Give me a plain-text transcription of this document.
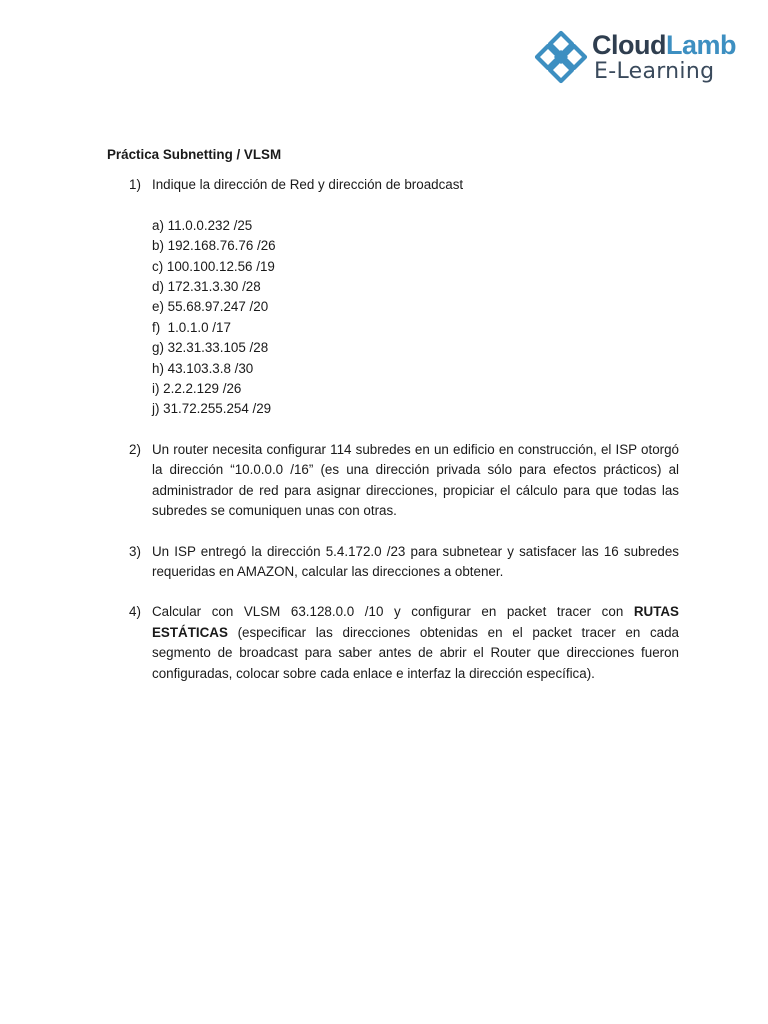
CloudLamb
E-Learning
Práctica Subnetting / VLSM
1) Indique la dirección de Red y dirección de broadcast
a) 11.0.0.232 /25
b) 192.168.76.76 /26
c) 100.100.12.56 /19
d) 172.31.3.30 /28
e) 55.68.97.247 /20
f)  1.0.1.0 /17
g) 32.31.33.105 /28
h) 43.103.3.8 /30
i) 2.2.2.129 /26
j) 31.72.255.254 /29
2) Un router necesita configurar 114 subredes en un edificio en construcción, el ISP otorgó la dirección “10.0.0.0 /16” (es una dirección privada sólo para efectos prácticos) al administrador de red para asignar direcciones, propiciar el cálculo para que todas las subredes se comuniquen unas con otras.
3) Un ISP entregó la dirección 5.4.172.0 /23 para subnetear y satisfacer las 16 subredes requeridas en AMAZON, calcular las direcciones a obtener.
4) Calcular con VLSM 63.128.0.0 /10 y configurar en packet tracer con RUTAS ESTÁTICAS (especificar las direcciones obtenidas en el packet tracer en cada segmento de broadcast para saber antes de abrir el Router que direcciones fueron configuradas, colocar sobre cada enlace e interfaz la dirección específica).
